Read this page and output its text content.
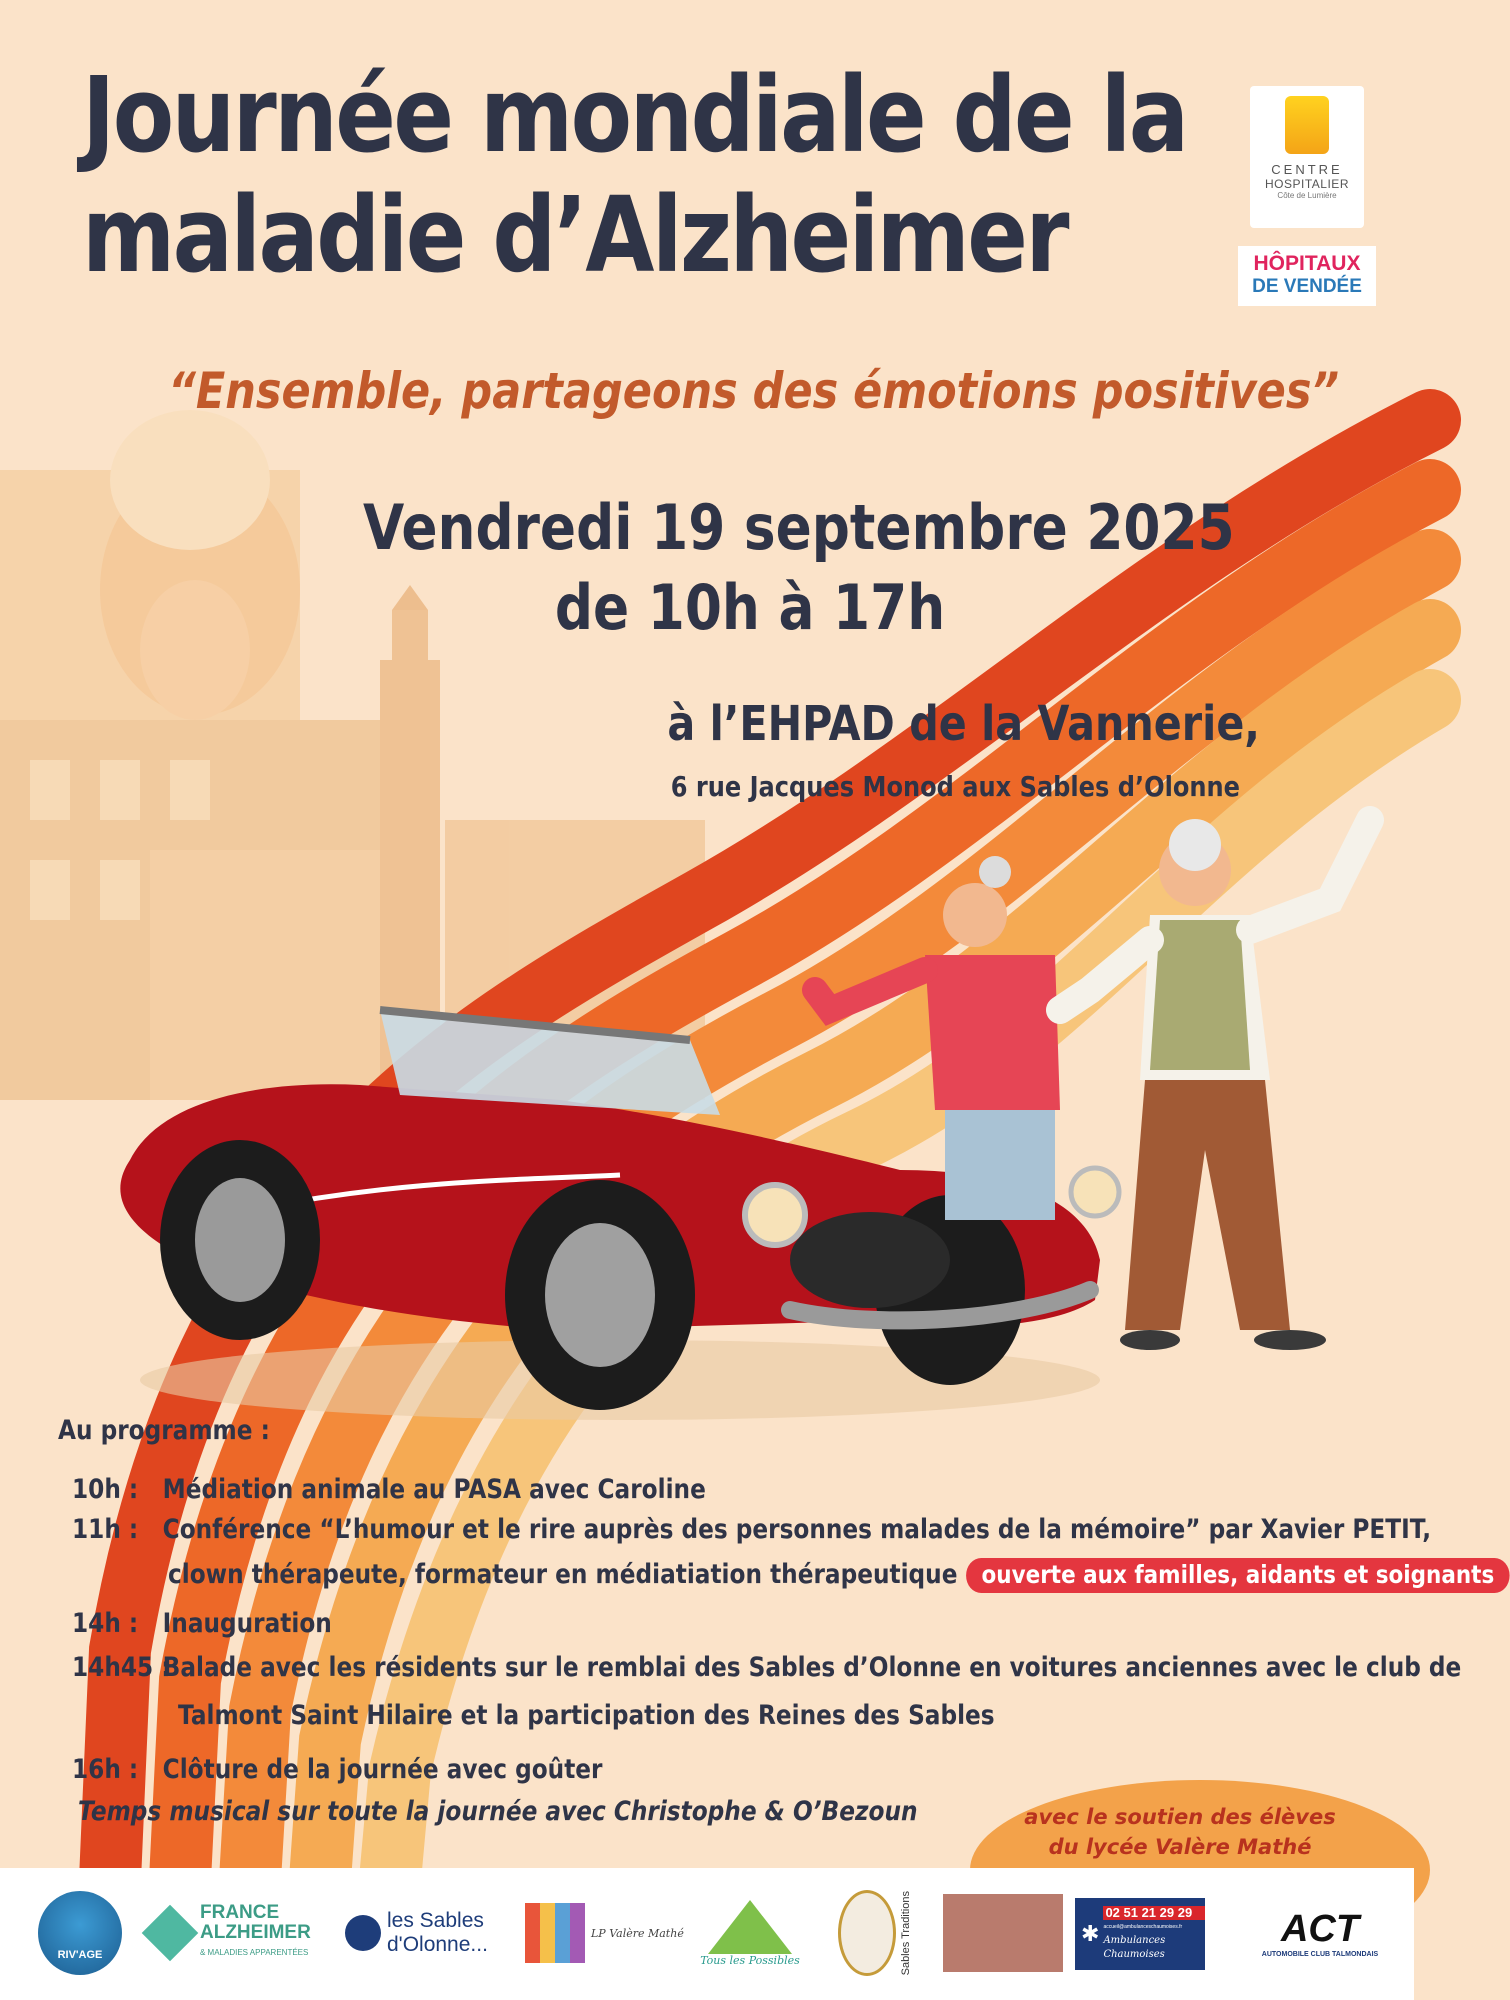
Journée mondiale de la
maladie d’Alzheimer
CENTRE
HOSPITALIER
Côte de Lumière
HÔPITAUX
DE VENDÉE
“Ensemble, partageons des émotions positives”
Vendredi 19 septembre 2025
de 10h à 17h
à l’EHPAD de la Vannerie,
6 rue Jacques Monod aux Sables d’Olonne
Au programme :
10h : Médiation animale au PASA avec Caroline
11h : Conférence “L’humour et le rire auprès des personnes malades de la mémoire” par Xavier PETIT,
clown thérapeute, formateur en médiatiation thérapeutique ouverte aux familles, aidants et soignants
14h : Inauguration
14h45 : Balade avec les résidents sur le remblai des Sables d’Olonne en voitures anciennes avec le club de
Talmont Saint Hilaire et la participation des Reines des Sables
16h : Clôture de la journée avec goûter
Temps musical sur toute la journée avec Christophe & O’Bezoun	avec le soutien des élèves
du lycée Valère Mathé
RIV'AGE
FRANCE
ALZHEIMER
& MALADIES APPARENTÉES
les Sables
d'Olonne...	LP Valère Mathé
Tous les Possibles	Sables Traditions	✱
02 51 21 29 29
accueil@ambulanceschaumoises.fr
Ambulances Chaumoises
ACT
AUTOMOBILE CLUB TALMONDAIS
